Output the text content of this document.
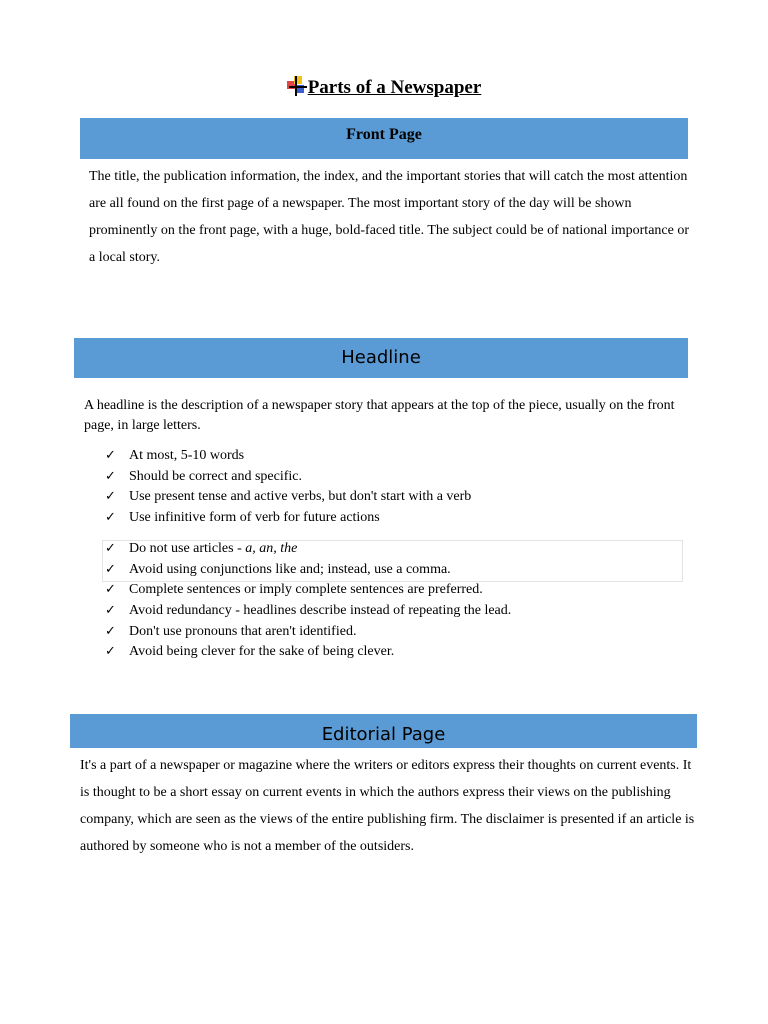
Parts of a Newspaper
Front Page

The title, the publication information, the index, and the important stories that will catch the most attention are all found on the first page of a newspaper. The most important story of the day will be shown prominently on the front page, with a huge, bold-faced title. The subject could be of national importance or a local story.

Headline

A headline is the description of a newspaper story that appears at the top of the piece, usually on the front page, in large letters.

✓ At most, 5-10 words
✓ Should be correct and specific.
✓ Use present tense and active verbs, but don't start with a verb
✓ Use infinitive form of verb for future actions
✓ Do not use articles - a, an, the
✓ Avoid using conjunctions like and; instead, use a comma.
✓ Complete sentences or imply complete sentences are preferred.
✓ Avoid redundancy - headlines describe instead of repeating the lead.
✓ Don't use pronouns that aren't identified.
✓ Avoid being clever for the sake of being clever.
Editorial Page

It's a part of a newspaper or magazine where the writers or editors express their thoughts on current events. It is thought to be a short essay on current events in which the authors express their views on the publishing company, which are seen as the views of the entire publishing firm. The disclaimer is presented if an article is authored by someone who is not a member of the outsiders.
